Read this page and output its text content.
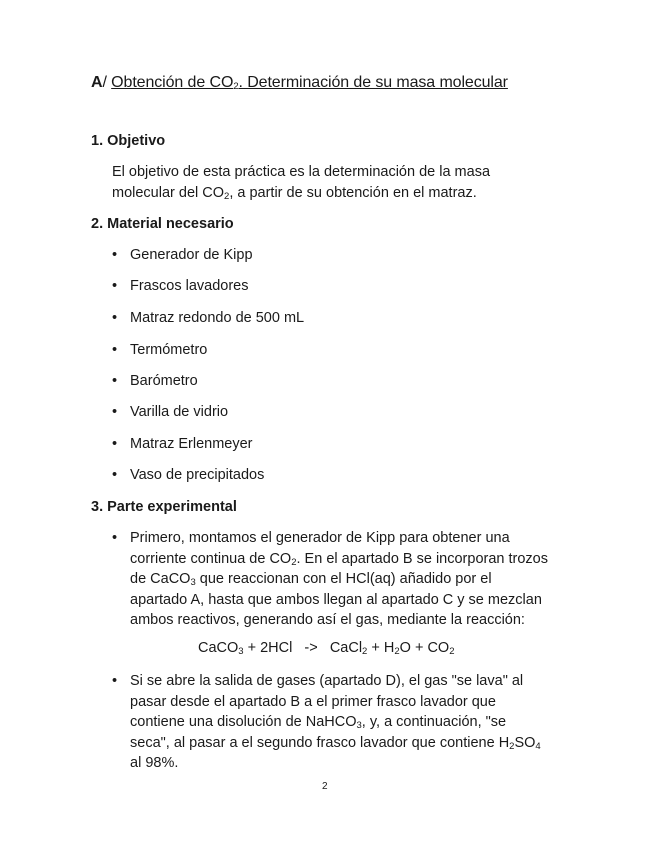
A/ Obtención de $CO_2$. Determinación de su masa molecular
1. Objetivo
El objetivo de esta práctica es la determinación de la masa
molecular del $CO_2$, a partir de su obtención en el matraz.
2. Material necesario
• Generador de Kipp
• Frascos lavadores
• Matraz redondo de 500 mL
• Termómetro
• Barómetro
• Varilla de vidrio
• Matraz Erlenmeyer
• Vaso de precipitados
3. Parte experimental
• Primero, montamos el generador de Kipp para obtener una
corriente continua de $CO_2$. En el apartado B se incorporan trozos
de CaCO$_3$ que reaccionan con el HCl(aq) añadido por el
apartado A, hasta que ambos llegan al apartado C y se mezclan
ambos reactivos, generando así el gas, mediante la reacción:
CaCO$_3$ + 2HCl   ->   CaCl$_2$ + $H_2O + CO_2$
• Si se abre la salida de gases (apartado D), el gas "se lava" al
pasar desde el apartado B a el primer frasco lavador que
contiene una disolución de NaHCO$_3$, y, a continuación, "se
seca", al pasar a el segundo frasco lavador que contiene $H_2SO_4$
al 98%.
2
